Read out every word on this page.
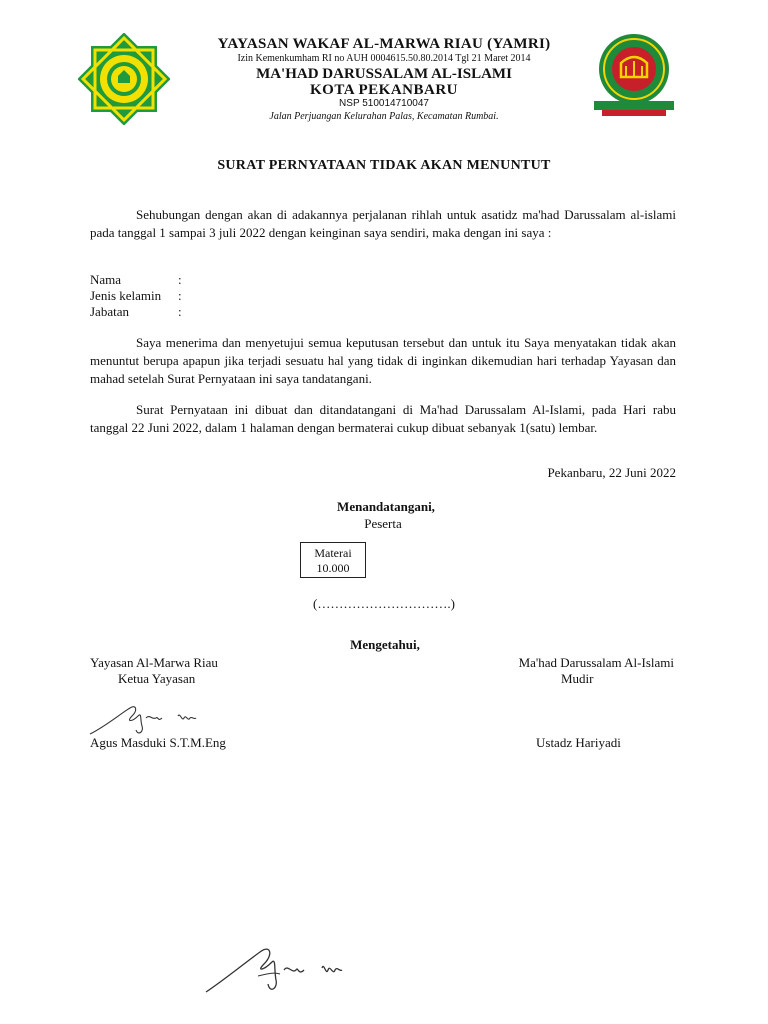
YAYASAN WAKAF AL-MARWA RIAU (YAMRI)
Izin Kemenkumham RI no AUH 0004615.50.80.2014 Tgl 21 Maret 2014
MA'HAD DARUSSALAM AL-ISLAMI
KOTA PEKANBARU
NSP 510014710047
Jalan Perjuangan Kelurahan Palas, Kecamatan Rumbai.
SURAT PERNYATAAN TIDAK AKAN MENUNTUT
Sehubungan dengan akan di adakannya perjalanan rihlah untuk asatidz ma'had Darussalam al-islami pada tanggal 1 sampai 3 juli 2022 dengan keinginan saya sendiri, maka dengan ini saya :
Nama	:
Jenis kelamin :
Jabatan	:
Saya menerima dan menyetujui semua keputusan tersebut dan untuk itu Saya menyatakan tidak akan menuntut berupa apapun jika terjadi sesuatu hal yang tidak di inginkan dikemudian hari terhadap Yayasan dan mahad setelah Surat Pernyataan ini saya tandatangani.
Surat Pernyataan ini dibuat dan ditandatangani di Ma'had Darussalam Al-Islami, pada Hari rabu tanggal 22 Juni 2022, dalam 1 halaman dengan bermaterai cukup dibuat sebanyak 1(satu) lembar.
Pekanbaru, 22 Juni 2022
Menandatangani,
Peserta
Materai
10.000
(………………………….)
Mengetahui,
Yayasan Al-Marwa Riau
Ketua Yayasan
Agus Masduki S.T.M.Eng
Ma'had Darussalam Al-Islami
Mudir
Ustadz Hariyadi
